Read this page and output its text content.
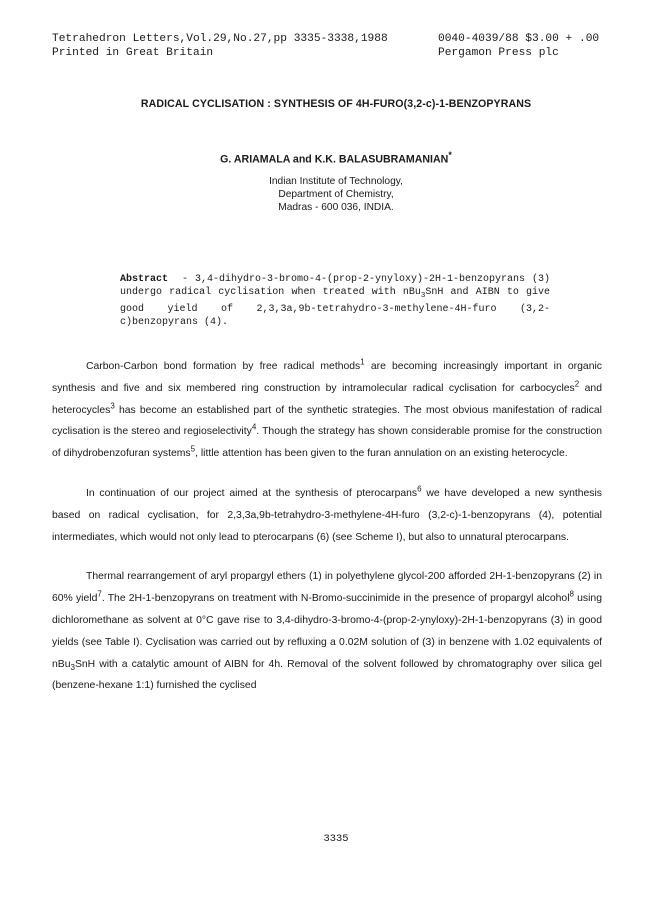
Tetrahedron Letters,Vol.29,No.27,pp 3335-3338,1988
Printed in Great Britain
0040-4039/88 $3.00 + .00
Pergamon Press plc
RADICAL CYCLISATION : SYNTHESIS OF 4H-FURO(3,2-c)-1-BENZOPYRANS
G. ARIAMALA and K.K. BALASUBRAMANIAN*
Indian Institute of Technology,
Department of Chemistry,
Madras - 600 036, INDIA.
Abstract - 3,4-dihydro-3-bromo-4-(prop-2-ynyloxy)-2H-1-benzopyrans (3) undergo radical cyclisation when treated with nBu$_3$SnH and AIBN to give good yield of 2,3,3a,9b-tetrahydro-3-methylene-4H-furo (3,2-c)benzopyrans (4).

Carbon-Carbon bond formation by free radical methods$^1$ are becoming increasingly important in organic synthesis and five and six membered ring construction by intramolecular radical cyclisation for carbocycles$^2$ and heterocycles$^3$ has become an established part of the synthetic strategies. The most obvious manifestation of radical cyclisation is the stereo and regioselectivity$^4$. Though the strategy has shown considerable promise for the construction of dihydrobenzofuran systems$^5$, little attention has been given to the furan annulation on an existing heterocycle.

In continuation of our project aimed at the synthesis of pterocarpans$^6$ we have developed a new synthesis based on radical cyclisation, for 2,3,3a,9b-tetrahydro-3-methylene-4H-furo (3,2-c)-1-benzopyrans (4), potential intermediates, which would not only lead to pterocarpans (6) (see Scheme I), but also to unnatural pterocarpans.

Thermal rearrangement of aryl propargyl ethers (1) in polyethylene glycol-200 afforded 2H-1-benzopyrans (2) in 60% yield$^7$. The 2H-1-benzopyrans on treatment with N-Bromo-succinimide in the presence of propargyl alcohol$^8$ using dichloromethane as solvent at 0°C gave rise to 3,4-dihydro-3-bromo-4-(prop-2-ynyloxy)-2H-1-benzopyrans (3) in good yields (see Table I). Cyclisation was carried out by refluxing a 0.02M solution of (3) in benzene with 1.02 equivalents of nBu$_3$SnH with a catalytic amount of AIBN for 4h. Removal of the solvent followed by chromatography over silica gel (benzene-hexane 1:1) furnished the cyclised

3335
